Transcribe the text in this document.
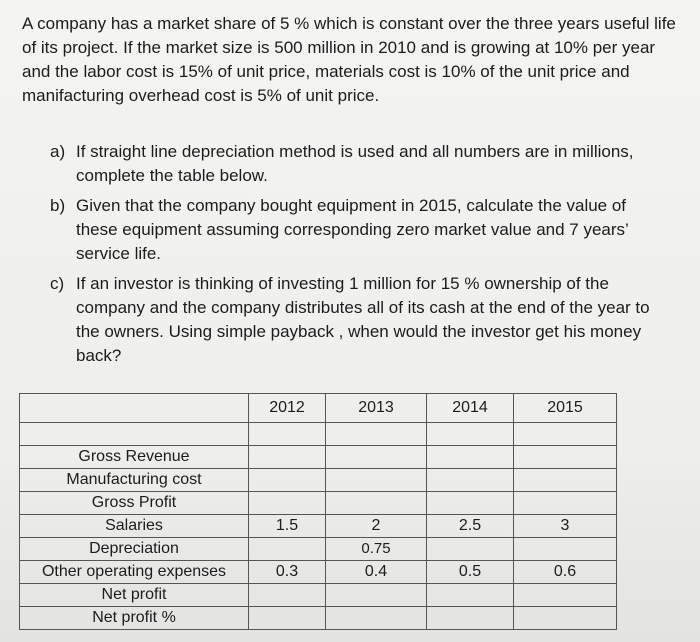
A company has a market share of 5 % which is constant over the three years useful life of its project. If the market size is 500 million in 2010 and is growing at 10% per year and the labor cost is 15% of unit price, materials cost is 10% of the unit price and manifacturing overhead cost is 5% of unit price.
a) If straight line depreciation method is used and all numbers are in millions, complete the table below.
b) Given that the company bought equipment in 2015, calculate the value of these equipment assuming corresponding zero market value and 7 years’ service life.
c) If an investor is thinking of investing 1 million for 15 % ownership of the company and the company distributes all of its cash at the end of the year to the owners. Using simple payback , when would the investor get his money back?
	2012	2013	2014	2015

Gross Revenue				
Manufacturing cost				
Gross Profit				
Salaries	1.5	2	2.5	3
Depreciation		0.75		
Other operating expenses	0.3	0.4	0.5	0.6
Net profit				
Net profit %				
